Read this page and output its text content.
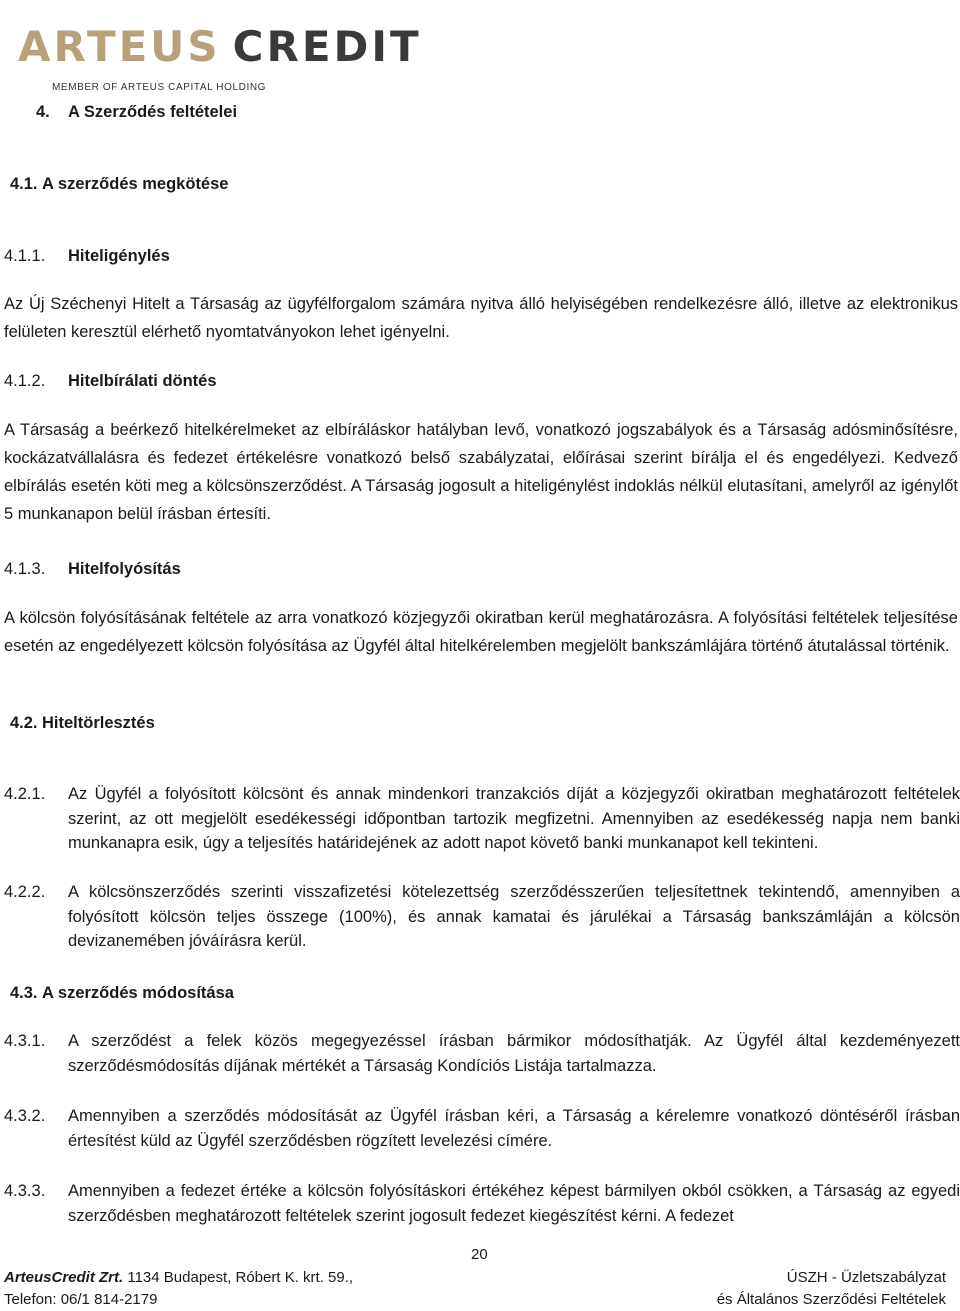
ARTEUS CREDIT
MEMBER OF ARTEUS CAPITAL HOLDING
4. A Szerződés feltételei
4.1. A szerződés megkötése
4.1.1. Hiteligénylés
Az Új Széchenyi Hitelt a Társaság az ügyfélforgalom számára nyitva álló helyiségében rendelkezésre álló, illetve az elektronikus felületen keresztül elérhető nyomtatványokon lehet igényelni.
4.1.2. Hitelbírálati döntés
A Társaság a beérkező hitelkérelmeket az elbíráláskor hatályban levő, vonatkozó jogszabályok és a Társaság adósminősítésre, kockázatvállalásra és fedezet értékelésre vonatkozó belső szabályzatai, előírásai szerint bírálja el és engedélyezi. Kedvező elbírálás esetén köti meg a kölcsönszerződést. A Társaság jogosult a hiteligénylést indoklás nélkül elutasítani, amelyről az igénylőt 5 munkanapon belül írásban értesíti.
4.1.3. Hitelfolyósítás
A kölcsön folyósításának feltétele az arra vonatkozó közjegyzői okiratban kerül meghatározásra. A folyósítási feltételek teljesítése esetén az engedélyezett kölcsön folyósítása az Ügyfél által hitelkérelemben megjelölt bankszámlájára történő átutalással történik.
4.2. Hiteltörlesztés
4.2.1. Az Ügyfél a folyósított kölcsönt és annak mindenkori tranzakciós díját a közjegyzői okiratban meghatározott feltételek szerint, az ott megjelölt esedékességi időpontban tartozik megfizetni. Amennyiben az esedékesség napja nem banki munkanapra esik, úgy a teljesítés határidejének az adott napot követő banki munkanapot kell tekinteni.
4.2.2. A kölcsönszerződés szerinti visszafizetési kötelezettség szerződésszerűen teljesítettnek tekintendő, amennyiben a folyósított kölcsön teljes összege (100%), és annak kamatai és járulékai a Társaság bankszámláján a kölcsön devizanemében jóváírásra kerül.
4.3. A szerződés módosítása
4.3.1. A szerződést a felek közös megegyezéssel írásban bármikor módosíthatják. Az Ügyfél által kezdeményezett szerződésmódosítás díjának mértékét a Társaság Kondíciós Listája tartalmazza.
4.3.2. Amennyiben a szerződés módosítását az Ügyfél írásban kéri, a Társaság a kérelemre vonatkozó döntéséről írásban értesítést küld az Ügyfél szerződésben rögzített levelezési címére.
4.3.3. Amennyiben a fedezet értéke a kölcsön folyósításkori értékéhez képest bármilyen okból csökken, a Társaság az egyedi szerződésben meghatározott feltételek szerint jogosult fedezet kiegészítést kérni. A fedezet
20
ArteusCredit Zrt. 1134 Budapest, Róbert K. krt. 59.,
Telefon: 06/1 814-2179
ÚSZH - Üzletszabályzat
és Általános Szerződési Feltételek
